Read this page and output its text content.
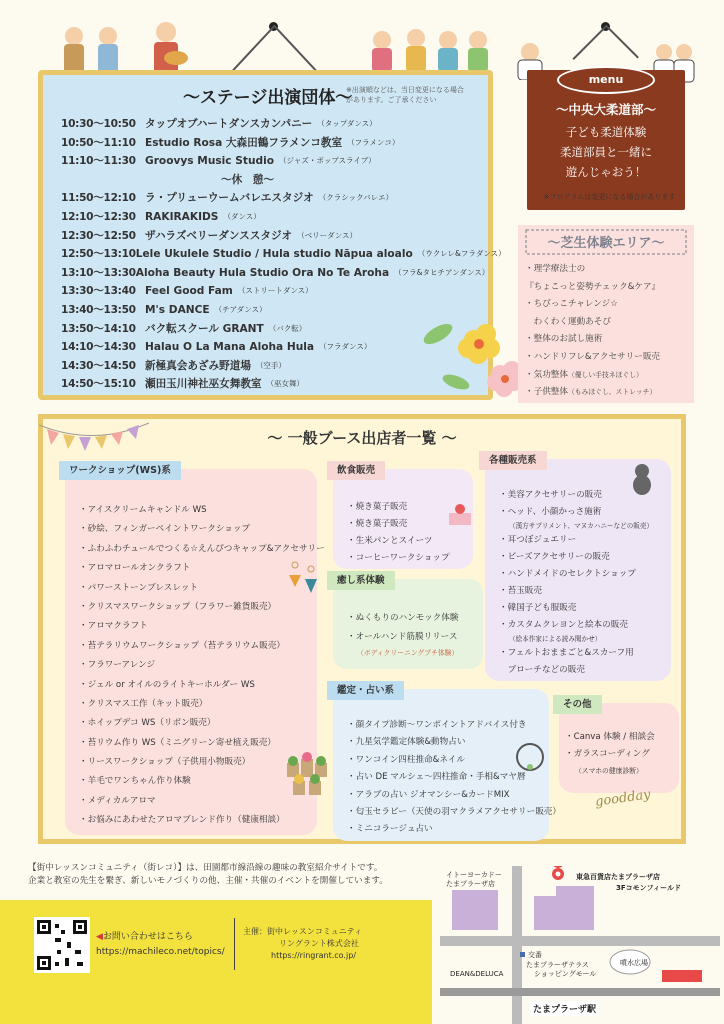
〜ステージ出演団体〜
※出演順などは、当日変更になる場合があります。ご了承ください
10:30〜10:50 タップオブハートダンスカンパニー （タップダンス）
10:50〜11:10 Estudio Rosa 大森田鶴フラメンコ教室 （フラメンコ）
11:10〜11:30 Groovys Music Studio （ジャズ・ポップスライブ）
〜休　憩〜
11:50〜12:10 ラ・プリューウームバレエスタジオ （クラシックバレエ）
12:10〜12:30 RAKIRAKIDS （ダンス）
12:30〜12:50 ザハラズベリーダンススタジオ （ベリーダンス）
12:50〜13:10 Lele Ukulele Studio / Hula studio Nāpua aloalo （ウクレレ&フラダンス）
13:10〜13:30 Aloha Beauty Hula Studio Ora No Te Aroha （フラ&タヒチアンダンス）
13:30〜13:40 Feel Good Fam （ストリートダンス）
13:40〜13:50 M's DANCE （チアダンス）
13:50〜14:10 バク転スクール GRANT （バク転）
14:10〜14:30 Halau O La Mana Aloha Hula （フラダンス）
14:30〜14:50 新極真会あざみ野道場 （空手）
14:50〜15:10 瀬田玉川神社巫女舞教室 （巫女舞）
menu
〜中央大柔道部〜
子ども柔道体験
柔道部員と一緒に
遊んじゃおう！
※プログラムは変更になる場合があります
〜芝生体験エリア〜
・理学療法士の
『ちょこっと姿勢チェック&ケア』
・ちびっこチャレンジ☆
　わくわく運動あそび
・整体のお試し施術
・ハンドリフレ&アクセサリー販売
・気功整体（優しい手技ネほぐし）
・子供整体（もみほぐし、ストレッチ）
〜 一般ブース出店者一覧 〜
ワークショップ(WS)系
・アイスクリームキャンドル WS
・砂絵、フィンガーペイントワークショップ
・ふわふわチュールでつくる☆えんぴつキャップ&アクセサリー
・アロマロールオンクラフト
・パワーストーンブレスレット
・クリスマスワークショップ（フラワー雑貨販売）
・アロマクラフト
・苔テラリウムワークショップ（苔テラリウム販売）
・フラワーアレンジ
・ジェル or オイルのライトキーホルダー WS
・クリスマス工作（キット販売）
・ホイップデコ WS（リボン販売）
・苔リウム作り WS（ミニグリーン寄せ植え販売）
・リースワークショップ（子供用小物販売）
・羊毛でワンちゃん作り体験
・メディカルアロマ
・お悩みにあわせたアロマブレンド作り（健康相談）
飲食販売
・焼き菓子販売
・焼き菓子販売
・生米パンとスイーツ
・コーヒーワークショップ
癒し系体験
・ぬくもりのハンモック体験
・オールハンド筋膜リリース
（ボディクリーニングプチ体験）
鑑定・占い系
・顔タイプ診断〜ワンポイントアドバイス付き
・九星気学鑑定体験&動物占い
・ワンコイン四柱推命&ネイル
・占い DE マルシェ〜四柱推命・手相&マヤ暦
・アラブの占い ジオマンシー&カードMIX
・匂玉セラピー（天使の羽マクラメアクセサリー販売）
・ミニコラージュ占い
各種販売系
・美容アクセサリーの販売
・ヘッド、小顔かっさ施術
（漢方サプリメント、マヌカハニーなどの販売）
・耳つぼジュエリー
・ビーズアクセサリーの販売
・ハンドメイドのセレクトショップ
・苔玉販売
・韓国子ども服販売
・カスタムクレヨンと絵本の販売
（絵本作家による読み聞かせ）
・フェルトおままごと&スカーフ用
　ブローチなどの販売
その他
・Canva 体験 / 相談会
・ガラスコーディング
（スマホの健康診断）
goodday
【街中レッスンコミュニティ（街レコ）】は、田園都市線沿線の趣味の教室紹介サイトです。
企業と教室の先生を繋ぎ、新しいモノづくりの他、主催・共催のイベントを開催しています。
◀お問い合わせはこちら
https://machileco.net/topics/
主催：街中レッスンコミュニティ
リングラント株式会社
https://ringrant.co.jp/
イトーヨーカドー
たまプラーザ店
東急百貨店たまプラーザ店
3Fコモンフィールド
交番
たまプラーザテラス
ショッピングモール
噴水広場
DEAN&DELUCA
たまプラーザ駅
